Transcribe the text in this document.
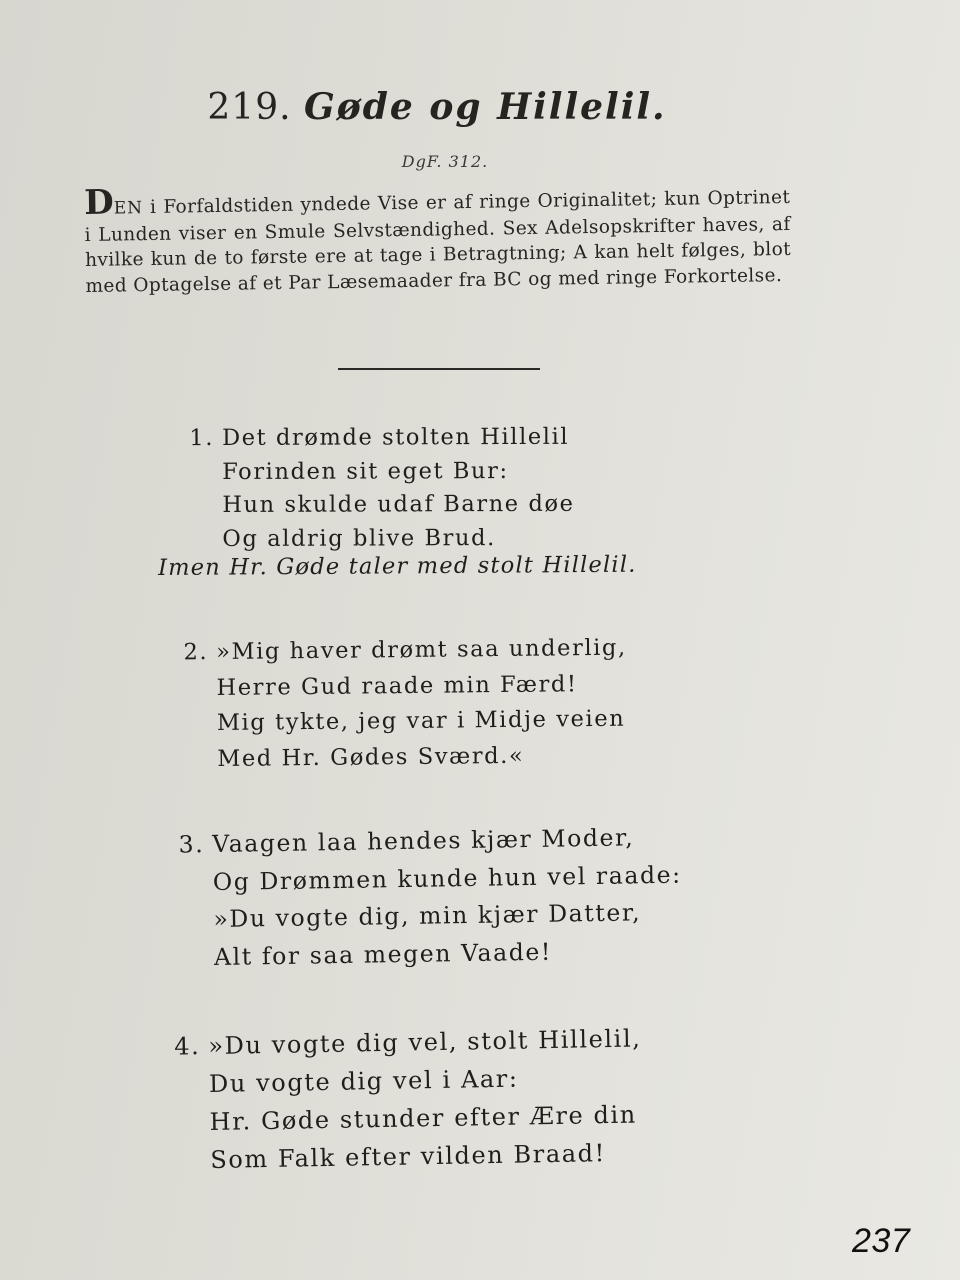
219. Gøde og Hillelil.
DgF. 312.
DEN i Forfaldstiden yndede Vise er af ringe Originalitet; kun Optrinet i Lunden viser en Smule Selvstændighed. Sex Adelsopskrifter haves, af hvilke kun de to første ere at tage i Betragtning; A kan helt følges, blot med Optagelse af et Par Læsemaader fra BC og med ringe Forkortelse.
1. Det drømde stolten Hillelil
Forinden sit eget Bur:
Hun skulde udaf Barne døe
Og aldrig blive Brud.
Imen Hr. Gøde taler med stolt Hillelil.
2. »Mig haver drømt saa underlig,
Herre Gud raade min Færd!
Mig tykte, jeg var i Midje veien
Med Hr. Gødes Sværd.«
3. Vaagen laa hendes kjær Moder,
Og Drømmen kunde hun vel raade:
»Du vogte dig, min kjær Datter,
Alt for saa megen Vaade!
4. »Du vogte dig vel, stolt Hillelil,
Du vogte dig vel i Aar:
Hr. Gøde stunder efter Ære din
Som Falk efter vilden Braad!
237
